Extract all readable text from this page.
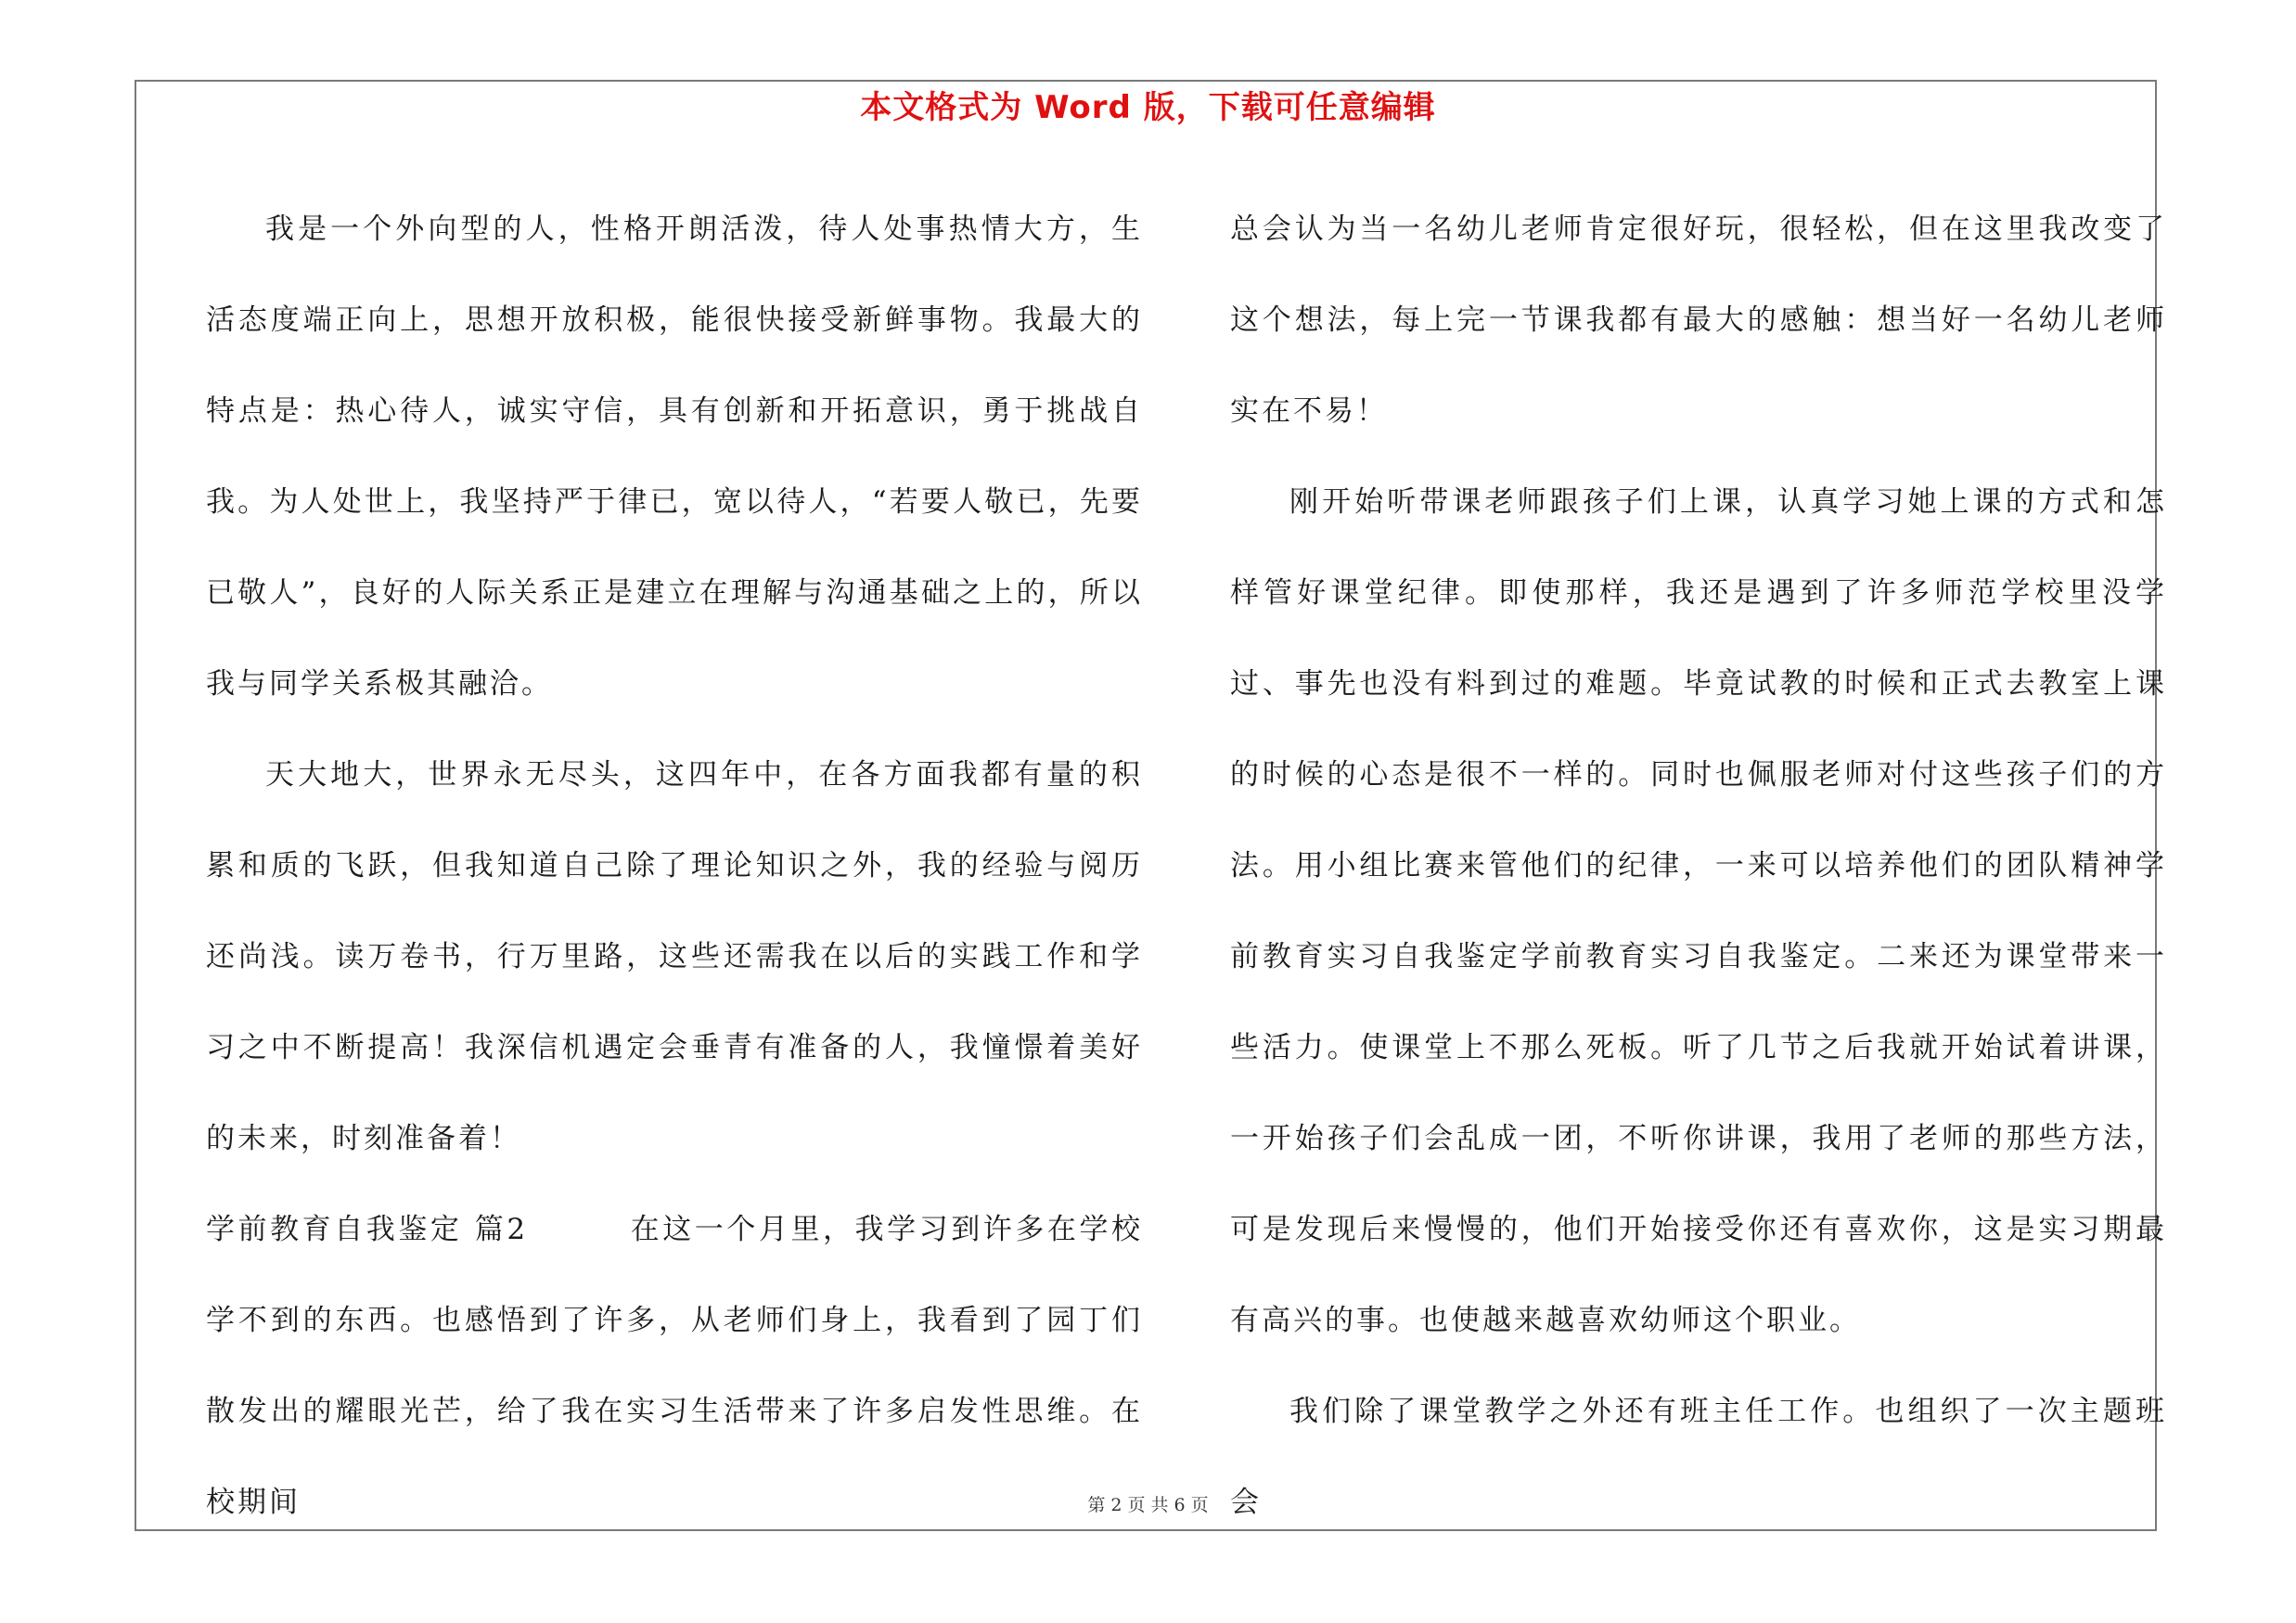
本文格式为 Word 版，下载可任意编辑

我是一个外向型的人，性格开朗活泼，待人处事热情大方，生活态度端正向上，思想开放积极，能很快接受新鲜事物。我最大的特点是：热心待人，诚实守信，具有创新和开拓意识，勇于挑战自我。为人处世上，我坚持严于律已，宽以待人，“若要人敬已，先要已敬人”，良好的人际关系正是建立在理解与沟通基础之上的，所以我与同学关系极其融洽。

天大地大，世界永无尽头，这四年中，在各方面我都有量的积累和质的飞跃，但我知道自己除了理论知识之外，我的经验与阅历还尚浅。读万卷书，行万里路，这些还需我在以后的实践工作和学习之中不断提高！我深信机遇定会垂青有准备的人，我憧憬着美好的未来，时刻准备着！

学前教育自我鉴定 篇2	在这一个月里，我学习到许多在学校学不到的东西。也感悟到了许多，从老师们身上，我看到了园丁们散发出的耀眼光芒，给了我在实习生活带来了许多启发性思维。在校期间

总会认为当一名幼儿老师肯定很好玩，很轻松，但在这里我改变了这个想法，每上完一节课我都有最大的感触：想当好一名幼儿老师实在不易！

刚开始听带课老师跟孩子们上课，认真学习她上课的方式和怎样管好课堂纪律。即使那样，我还是遇到了许多师范学校里没学过、事先也没有料到过的难题。毕竟试教的时候和正式去教室上课的时候的心态是很不一样的。同时也佩服老师对付这些孩子们的方法。用小组比赛来管他们的纪律，一来可以培养他们的团队精神学前教育实习自我鉴定学前教育实习自我鉴定。二来还为课堂带来一些活力。使课堂上不那么死板。听了几节之后我就开始试着讲课，一开始孩子们会乱成一团，不听你讲课，我用了老师的那些方法，可是发现后来慢慢的，他们开始接受你还有喜欢你，这是实习期最有高兴的事。也使越来越喜欢幼师这个职业。

我们除了课堂教学之外还有班主任工作。也组织了一次主题班会

第 2 页 共 6 页
